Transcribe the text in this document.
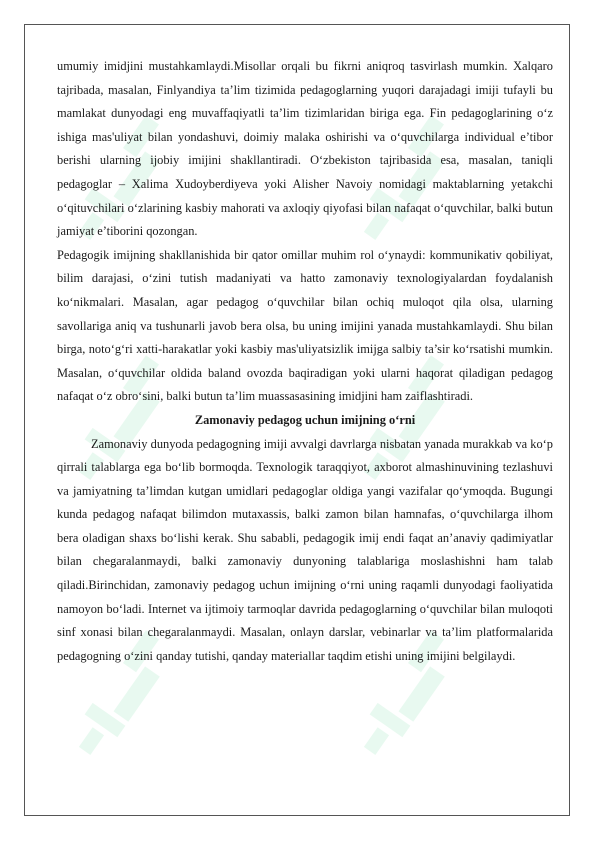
umumiy imidjini mustahkamlaydi.Misollar orqali bu fikrni aniqroq tasvirlash mumkin. Xalqaro tajribada, masalan, Finlyandiya ta’lim tizimida pedagoglarning yuqori darajadagi imiji tufayli bu mamlakat dunyodagi eng muvaffaqiyatli ta’lim tizimlaridan biriga ega. Fin pedagoglarining o‘z ishiga mas'uliyat bilan yondashuvi, doimiy malaka oshirishi va o‘quvchilarga individual e’tibor berishi ularning ijobiy imijini shakllantiradi. O‘zbekiston tajribasida esa, masalan, taniqli pedagoglar – Xalima Xudoyberdiyeva yoki Alisher Navoiy nomidagi maktablarning yetakchi o‘qituvchilari o‘zlarining kasbiy mahorati va axloqiy qiyofasi bilan nafaqat o‘quvchilar, balki butun jamiyat e’tiborini qozongan.

Pedagogik imijning shakllanishida bir qator omillar muhim rol o‘ynaydi: kommunikativ qobiliyat, bilim darajasi, o‘zini tutish madaniyati va hatto zamonaviy texnologiyalardan foydalanish ko‘nikmalari. Masalan, agar pedagog o‘quvchilar bilan ochiq muloqot qila olsa, ularning savollariga aniq va tushunarli javob bera olsa, bu uning imijini yanada mustahkamlaydi. Shu bilan birga, noto‘g‘ri xatti-harakatlar yoki kasbiy mas'uliyatsizlik imijga salbiy ta’sir ko‘rsatishi mumkin. Masalan, o‘quvchilar oldida baland ovozda baqiradigan yoki ularni haqorat qiladigan pedagog nafaqat o‘z obro‘sini, balki butun ta’lim muassasasining imidjini ham zaiflashtiradi.

Zamonaviy pedagog uchun imijning o‘rni

Zamonaviy dunyoda pedagogning imiji avvalgi davrlarga nisbatan yanada murakkab va ko‘p qirrali talablarga ega bo‘lib bormoqda. Texnologik taraqqiyot, axborot almashinuvining tezlashuvi va jamiyatning ta’limdan kutgan umidlari pedagoglar oldiga yangi vazifalar qo‘ymoqda. Bugungi kunda pedagog nafaqat bilimdon mutaxassis, balki zamon bilan hamnafas, o‘quvchilarga ilhom bera oladigan shaxs bo‘lishi kerak. Shu sababli, pedagogik imij endi faqat an’anaviy qadimiyatlar bilan chegaralanmaydi, balki zamonaviy dunyoning talablariga moslashishni ham talab qiladi.Birinchidan, zamonaviy pedagog uchun imijning o‘rni uning raqamli dunyodagi faoliyatida namoyon bo‘ladi. Internet va ijtimoiy tarmoqlar davrida pedagoglarning o‘quvchilar bilan muloqoti sinf xonasi bilan chegaralanmaydi. Masalan, onlayn darslar, vebinarlar va ta’lim platformalarida pedagogning o‘zini qanday tutishi, qanday materiallar taqdim etishi uning imijini belgilaydi.
